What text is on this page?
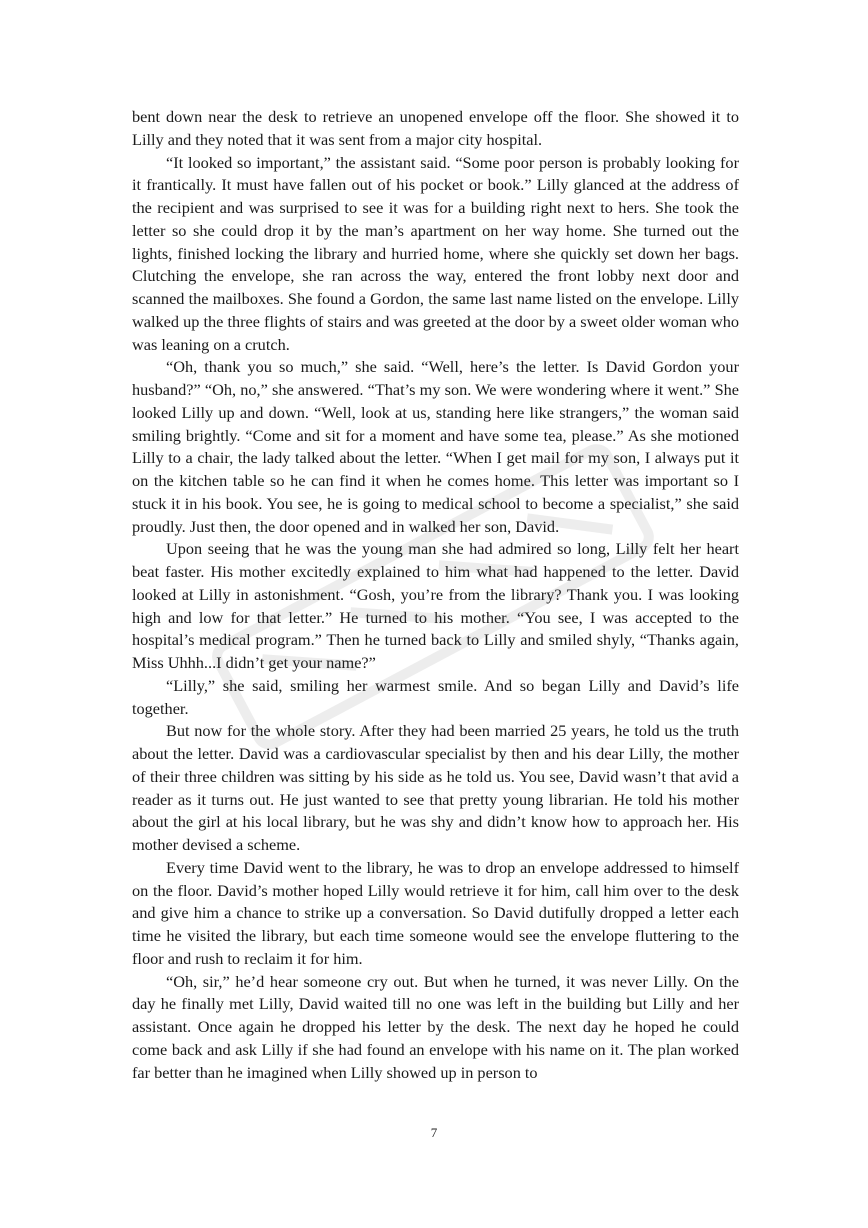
bent down near the desk to retrieve an unopened envelope off the floor. She showed it to Lilly and they noted that it was sent from a major city hospital.

“It looked so important,” the assistant said. “Some poor person is probably looking for it frantically. It must have fallen out of his pocket or book.” Lilly glanced at the address of the recipient and was surprised to see it was for a building right next to hers. She took the letter so she could drop it by the man’s apartment on her way home. She turned out the lights, finished locking the library and hurried home, where she quickly set down her bags. Clutching the envelope, she ran across the way, entered the front lobby next door and scanned the mailboxes. She found a Gordon, the same last name listed on the envelope. Lilly walked up the three flights of stairs and was greeted at the door by a sweet older woman who was leaning on a crutch.

“Oh, thank you so much,” she said. “Well, here’s the letter. Is David Gordon your husband?” “Oh, no,” she answered. “That’s my son. We were wondering where it went.” She looked Lilly up and down. “Well, look at us, standing here like strangers,” the woman said smiling brightly. “Come and sit for a moment and have some tea, please.” As she motioned Lilly to a chair, the lady talked about the letter. “When I get mail for my son, I always put it on the kitchen table so he can find it when he comes home. This letter was important so I stuck it in his book. You see, he is going to medical school to become a specialist,” she said proudly. Just then, the door opened and in walked her son, David.

Upon seeing that he was the young man she had admired so long, Lilly felt her heart beat faster. His mother excitedly explained to him what had happened to the letter. David looked at Lilly in astonishment. “Gosh, you’re from the library? Thank you. I was looking high and low for that letter.” He turned to his mother. “You see, I was accepted to the hospital’s medical program.” Then he turned back to Lilly and smiled shyly, “Thanks again, Miss Uhhh...I didn’t get your name?”

“Lilly,” she said, smiling her warmest smile. And so began Lilly and David’s life together.

But now for the whole story. After they had been married 25 years, he told us the truth about the letter. David was a cardiovascular specialist by then and his dear Lilly, the mother of their three children was sitting by his side as he told us. You see, David wasn’t that avid a reader as it turns out. He just wanted to see that pretty young librarian. He told his mother about the girl at his local library, but he was shy and didn’t know how to approach her. His mother devised a scheme.

Every time David went to the library, he was to drop an envelope addressed to himself on the floor. David’s mother hoped Lilly would retrieve it for him, call him over to the desk and give him a chance to strike up a conversation. So David dutifully dropped a letter each time he visited the library, but each time someone would see the envelope fluttering to the floor and rush to reclaim it for him.

“Oh, sir,” he’d hear someone cry out. But when he turned, it was never Lilly. On the day he finally met Lilly, David waited till no one was left in the building but Lilly and her assistant. Once again he dropped his letter by the desk. The next day he hoped he could come back and ask Lilly if she had found an envelope with his name on it. The plan worked far better than he imagined when Lilly showed up in person to

7
